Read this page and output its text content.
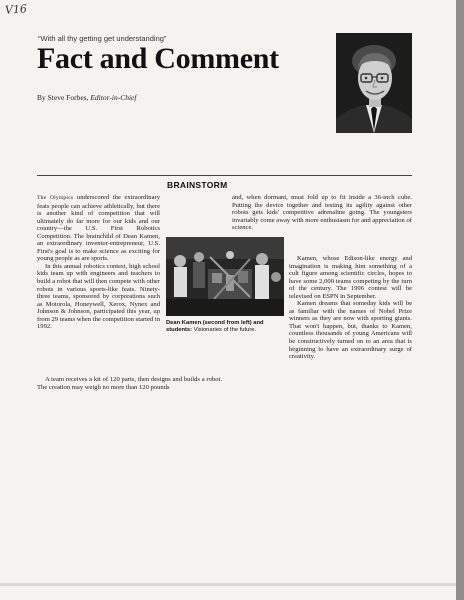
V16
“With all thy getting get understanding”
Fact and Comment
By Steve Forbes, Editor-in-Chief
BRAINSTORM

The Olympics underscored the extraordinary feats people can achieve athletically, but there is another kind of competition that will ultimately do far more for our kids and our country—the U.S. First Robotics Competition. The brainchild of Dean Kamen, an extraordinary inventor-entrepreneur, U.S. First's goal is to make science as exciting for young people as are sports.

In this annual robotics contest, high school kids team up with engineers and teachers to build a robot that will then compete with other robots in various sports-like feats. Ninety-three teams, sponsored by corporations such as Motorola, Honeywell, Xerox, Nynex and Johnson & Johnson, participated this year, up from 29 teams when the competition started in 1992.

A team receives a kit of 120 parts, then designs and builds a robot. The creation may weigh no more than 120 pounds

and, when dormant, must fold up to fit inside a 36-inch cube. Putting the device together and testing its agility against other robots gets kids' competitive adrenaline going. The youngsters invariably come away with more enthusiasm for and appreciation of science.

Kamen, whose Edison-like energy and imagination is making him something of a cult figure among scientific circles, hopes to have some 2,000 teams competing by the turn of the century. The 1996 contest will be televised on ESPN in September.

Kamen dreams that someday kids will be as familiar with the names of Nobel Prize winners as they are now with sporting giants. That won't happen, but, thanks to Kamen, countless thousands of young Americans will be constructively turned on to an area that is beginning to have an extraordinary surge of creativity.

Dean Kamen (second from left) and students: Visionaries of the future.
